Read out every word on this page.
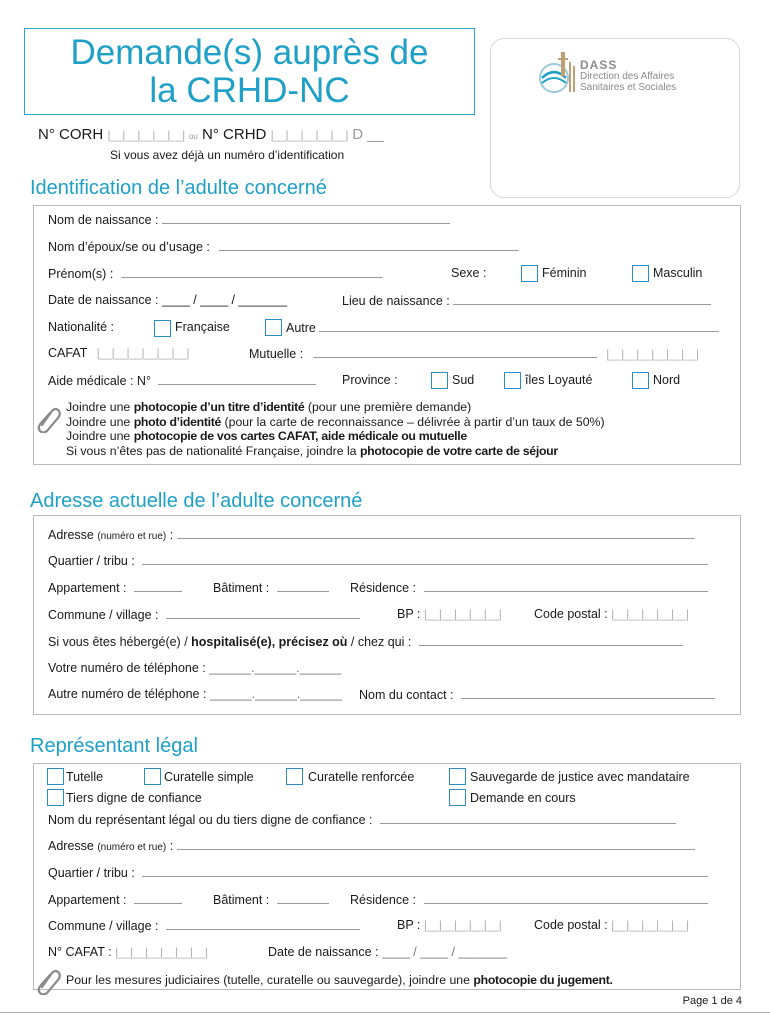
Demande(s) auprès de
la CRHD-NC
DASS
Direction des Affaires
Sanitaires et Sociales
N° CORH |__|__|__|__|__| ou N° CRHD |__|__|__|__|__| D __
Si vous avez déjà un numéro d’identification
Identification de l’adulte concerné
Nom de naissance :
Nom d’époux/se ou d’usage :
Prénom(s) :	Sexe :	Féminin	Masculin
Date de naissance : ____ / ____ / _______	Lieu de naissance :
Nationalité :	Française	Autre
CAFAT |__|__|__|__|__|__|	Mutuelle :	|__|__|__|__|__|__|
Aide médicale : N°	Province :	Sud	îles Loyauté	Nord
Joindre une photocopie d’un titre d’identité (pour une première demande)
Joindre une photo d’identité (pour la carte de reconnaissance – délivrée à partir d’un taux de 50%)
Joindre une photocopie de vos cartes CAFAT, aide médicale ou mutuelle
Si vous n’êtes pas de nationalité Française, joindre la photocopie de votre carte de séjour
Adresse actuelle de l’adulte concerné
Adresse (numéro et rue) :
Quartier / tribu :
Appartement :	Bâtiment :	Résidence :
Commune / village :	BP : |__|__|__|__|__|	Code postal : |__|__|__|__|__|
Si vous êtes hébergé(e) / hospitalisé(e), précisez où / chez qui :
Votre numéro de téléphone : ______.______.______
Autre numéro de téléphone : ______.______.______ Nom du contact :
Représentant légal
Tutelle	Curatelle simple	Curatelle renforcée	Sauvegarde de justice avec mandataire
Tiers digne de confiance	Demande en cours
Nom du représentant légal ou du tiers digne de confiance :
Adresse (numéro et rue) :
Quartier / tribu :
Appartement :	Bâtiment :	Résidence :
Commune / village :	BP : |__|__|__|__|__|	Code postal : |__|__|__|__|__|
N° CAFAT : |__|__|__|__|__|__|	Date de naissance : ____ / ____ / _______
Pour les mesures judiciaires (tutelle, curatelle ou sauvegarde), joindre une photocopie du jugement.
Page 1 de 4
